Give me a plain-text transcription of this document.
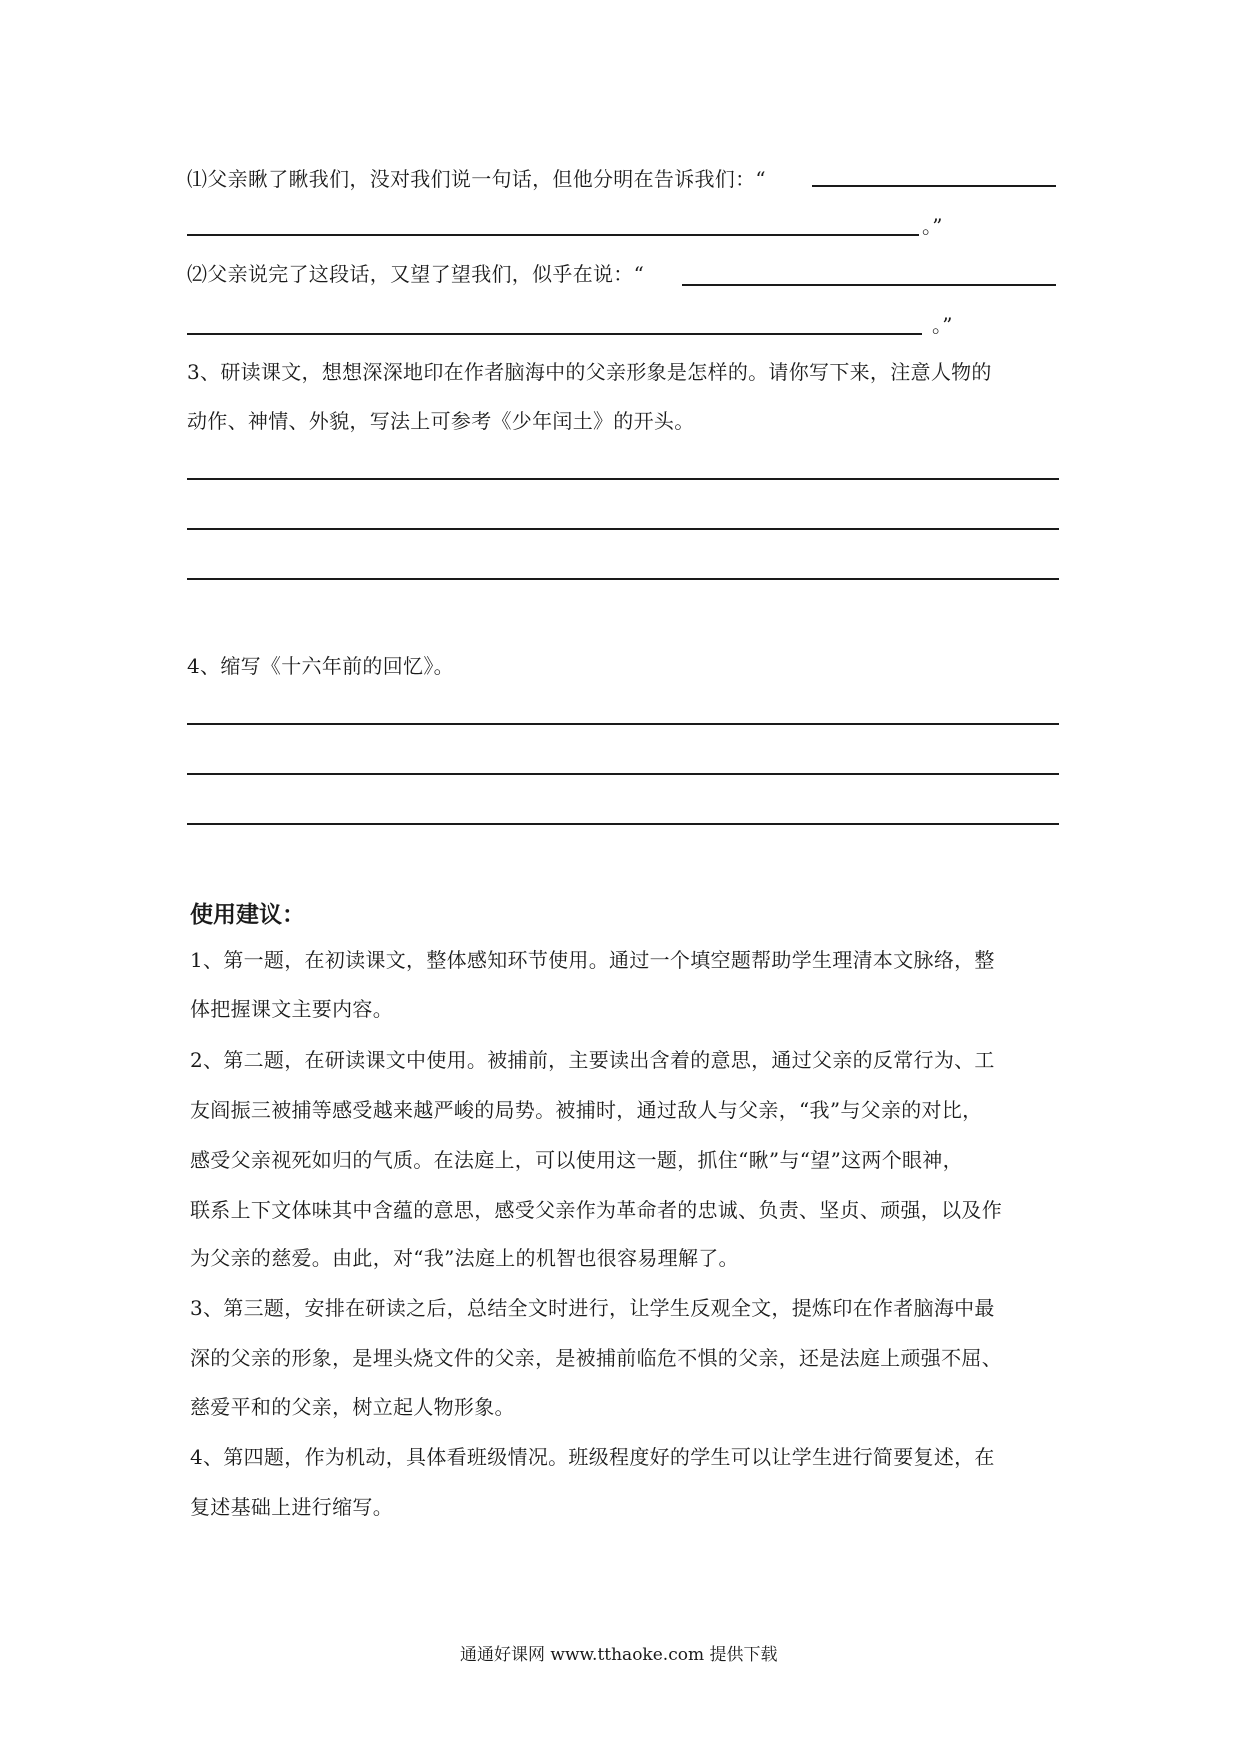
⑴父亲瞅了瞅我们，没对我们说一句话，但他分明在告诉我们：“
。”
⑵父亲说完了这段话，又望了望我们，似乎在说：“
。”
3、研读课文，想想深深地印在作者脑海中的父亲形象是怎样的。请你写下来，注意人物的
动作、神情、外貌，写法上可参考《少年闰土》的开头。
4、缩写《十六年前的回忆》。
使用建议：
1、第一题，在初读课文，整体感知环节使用。通过一个填空题帮助学生理清本文脉络，整
体把握课文主要内容。
2、第二题，在研读课文中使用。被捕前，主要读出含着的意思，通过父亲的反常行为、工
友阎振三被捕等感受越来越严峻的局势。被捕时，通过敌人与父亲，“我”与父亲的对比，
感受父亲视死如归的气质。在法庭上，可以使用这一题，抓住“瞅”与“望”这两个眼神，
联系上下文体味其中含蕴的意思，感受父亲作为革命者的忠诚、负责、坚贞、顽强，以及作
为父亲的慈爱。由此，对“我”法庭上的机智也很容易理解了。
3、第三题，安排在研读之后，总结全文时进行，让学生反观全文，提炼印在作者脑海中最
深的父亲的形象，是埋头烧文件的父亲，是被捕前临危不惧的父亲，还是法庭上顽强不屈、
慈爱平和的父亲，树立起人物形象。
4、第四题，作为机动，具体看班级情况。班级程度好的学生可以让学生进行简要复述，在
复述基础上进行缩写。
通通好课网 www.tthaoke.com 提供下载
